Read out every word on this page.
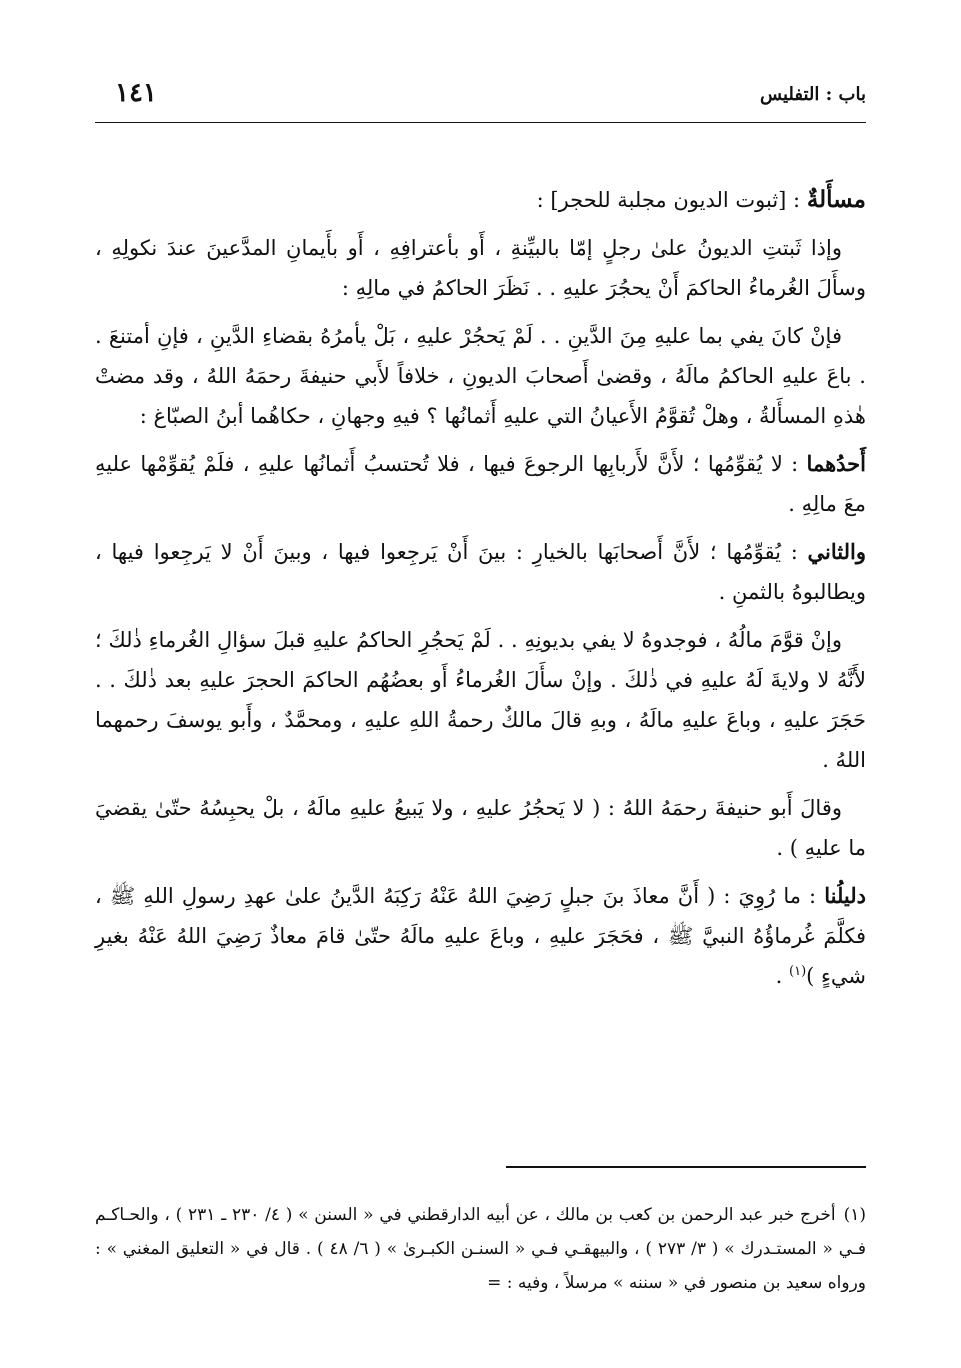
باب : التفليس
١٤١

مسأَلةٌ : [ثبوت الديون مجلبة للحجر] :

وإذا ثَبتتِ الديونُ علىٰ رجلٍ إمّا بالبيِّنةِ ، أَو بأعترافِهِ ، أَو بأَيمانِ المدَّعينَ عندَ نكولِهِ ، وسأَلَ الغُرماءُ الحاكمَ أَنْ يحجُرَ عليهِ . . نَظَرَ الحاكمُ في مالِهِ :

فإنْ كانَ يفي بما عليهِ مِنَ الدَّينِ . . لَمْ يَحجُرْ عليهِ ، بَلْ يأمرُهُ بقضاءِ الدَّينِ ، فإنِ أمتنعَ . . باعَ عليهِ الحاكمُ مالَهُ ، وقضىٰ أَصحابَ الديونِ ، خلافاً لأَبي حنيفةَ رحمَهُ اللهُ ، وقد مضتْ هٰذهِ المسأَلةُ ، وهلْ تُقوَّمُ الأَعيانُ التي عليهِ أَثمانُها ؟ فيهِ وجهانِ ، حكاهُما أبنُ الصبّاغ :

أَحدُهما : لا يُقوِّمُها ؛ لأَنَّ لأَربابِها الرجوعَ فيها ، فلا تُحتسبُ أَثمانُها عليهِ ، فلَمْ يُقوِّمْها عليهِ معَ مالِهِ .

والثاني : يُقوِّمُها ؛ لأَنَّ أَصحابَها بالخيارِ : بينَ أَنْ يَرجِعوا فيها ، وبينَ أَنْ لا يَرجِعوا فيها ، ويطالبوهُ بالثمنِ .

وإنْ قوَّمَ مالُهُ ، فوجدوهُ لا يفي بديونِهِ . . لَمْ يَحجُرِ الحاكمُ عليهِ قبلَ سؤالِ الغُرماءِ ذٰلكَ ؛ لأَنَّهُ لا ولايةَ لَهُ عليهِ في ذٰلكَ . وإنْ سأَلَ الغُرماءُ أَو بعضُهُم الحاكمَ الحجرَ عليهِ بعد ذٰلكَ . . حَجَرَ عليهِ ، وباعَ عليهِ مالَهُ ، وبهِ قالَ مالكٌ رحمةُ اللهِ عليهِ ، ومحمَّدٌ ، وأَبو يوسفَ رحمهما اللهُ .

وقالَ أَبو حنيفةَ رحمَهُ اللهُ : ( لا يَحجُرُ عليهِ ، ولا يَبيعُ عليهِ مالَهُ ، بلْ يحبِسُهُ حتّىٰ يقضيَ ما عليهِ ) .

دليلُنا : ما رُوِيَ : ( أَنَّ معاذَ بنَ جبلٍ رَضِيَ اللهُ عَنْهُ رَكِبَهُ الدَّينُ علىٰ عهدِ رسولِ اللهِ ﷺ ، فكلَّمَ غُرماؤُهُ النبيَّ ﷺ ، فحَجَرَ عليهِ ، وباعَ عليهِ مالَهُ حتّىٰ قامَ معاذٌ رَضِيَ اللهُ عَنْهُ بغيرِ شيءٍ )$^{(١)}$ .

(١)أخرج خبر عبد الرحمن بن كعب بن مالك ، عن أبيه الدارقطني في « السنن » ( ٤/ ٢٣٠ ـ ٢٣١ ) ، والحـاكـم فـي « المستـدرك » ( ٣/ ٢٧٣ ) ، والبيهقـي فـي « السنـن الكبـرىٰ » ( ٦/ ٤٨ ) . قال في « التعليق المغني » : ورواه سعيد بن منصور في « سننه » مرسلاً ، وفيه : =
